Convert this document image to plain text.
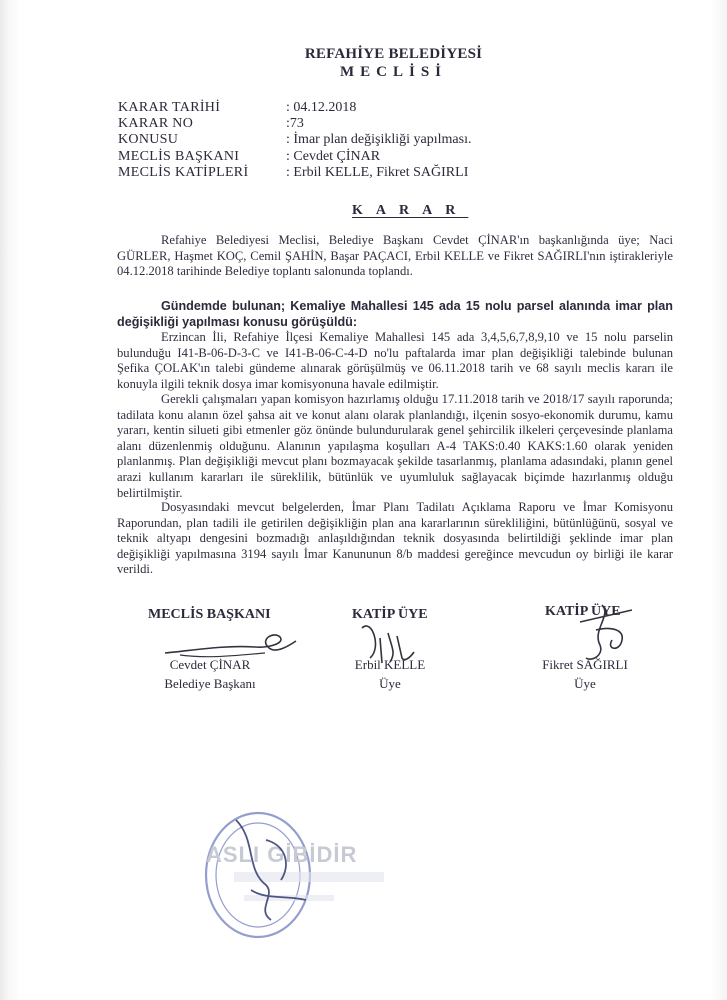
REFAHİYE BELEDİYESİ
MECLİSİ
KARAR TARİHİ	: 04.12.2018
KARAR NO	:73
KONUSU	: İmar plan değişikliği yapılması.
MECLİS BAŞKANI	: Cevdet ÇİNAR
MECLİS KATİPLERİ	: Erbil KELLE, Fikret SAĞIRLI
KARAR
Refahiye Belediyesi Meclisi, Belediye Başkanı Cevdet ÇİNAR'ın başkanlığında üye; Naci GÜRLER, Haşmet KOÇ, Cemil ŞAHİN, Başar PAÇACI, Erbil KELLE ve Fikret SAĞIRLI'nın iştirakleriyle 04.12.2018 tarihinde Belediye toplantı salonunda toplandı.
Gündemde bulunan; Kemaliye Mahallesi 145 ada 15 nolu parsel alanında imar plan değişikliği yapılması konusu görüşüldü:
Erzincan İli, Refahiye İlçesi Kemaliye Mahallesi 145 ada 3,4,5,6,7,8,9,10 ve 15 nolu parselin bulunduğu I41-B-06-D-3-C ve I41-B-06-C-4-D no'lu paftalarda imar plan değişikliği talebinde bulunan Şefika ÇOLAK'ın talebi gündeme alınarak görüşülmüş ve 06.11.2018 tarih ve 68 sayılı meclis kararı ile konuyla ilgili teknik dosya imar komisyonuna havale edilmiştir.
Gerekli çalışmaları yapan komisyon hazırlamış olduğu 17.11.2018 tarih ve 2018/17 sayılı raporunda; tadilata konu alanın özel şahsa ait ve konut alanı olarak planlandığı, ilçenin sosyo-ekonomik durumu, kamu yararı, kentin silueti gibi etmenler göz önünde bulundurularak genel şehircilik ilkeleri çerçevesinde planlama alanı düzenlenmiş olduğunu. Alanının yapılaşma koşulları A-4 TAKS:0.40 KAKS:1.60 olarak yeniden planlanmış. Plan değişikliği mevcut planı bozmayacak şekilde tasarlanmış, planlama adasındaki, planın genel arazi kullanım kararları ile süreklilik, bütünlük ve uyumluluk sağlayacak biçimde hazırlanmış olduğu belirtilmiştir.
Dosyasındaki mevcut belgelerden, İmar Planı Tadilatı Açıklama Raporu ve İmar Komisyonu Raporundan, plan tadili ile getirilen değişikliğin plan ana kararlarının sürekliliğini, bütünlüğünü, sosyal ve teknik altyapı dengesini bozmadığı anlaşıldığından teknik dosyasında belirtildiği şeklinde imar plan değişikliği yapılmasına 3194 sayılı İmar Kanununun 8/b maddesi gereğince mevcudun oy birliği ile karar verildi.
MECLİS BAŞKANI
Cevdet ÇİNAR
Belediye Başkanı
KATİP ÜYE
Erbil KELLE
Üye
KATİP ÜYE
Fikret SAĞIRLI
Üye
ASLI GİBİDİR
